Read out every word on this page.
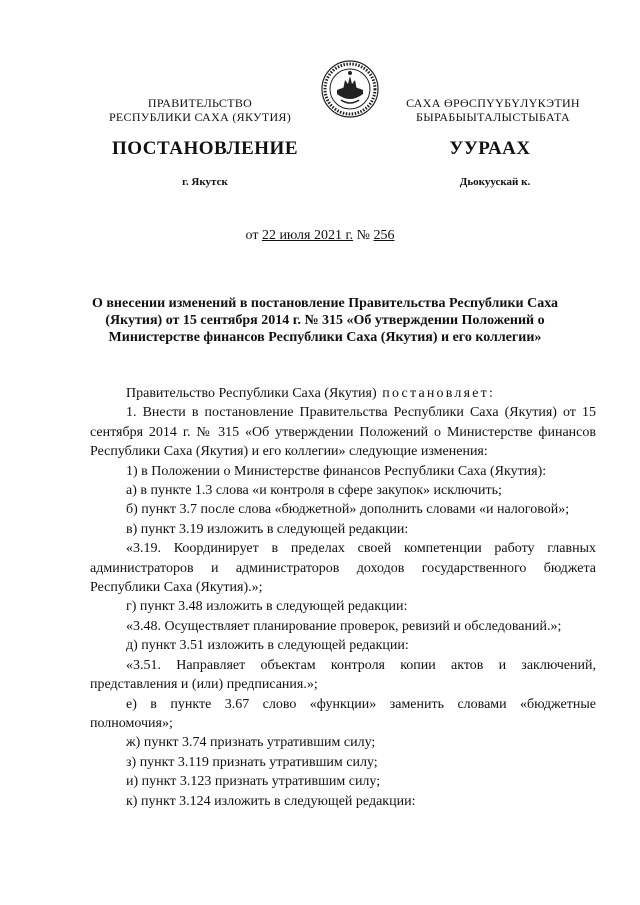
ПРАВИТЕЛЬСТВО
РЕСПУБЛИКИ САХА (ЯКУТИЯ)
САХА ӨРӨСПҮҮБҮЛҮКЭТИН
БЫРАБЫЫТАЛЫСТЫБАТА
ПОСТАНОВЛЕНИЕ	УУРААХ
г. Якутск	Дьокуускай к.
от 22 июля 2021 г. № 256
О внесении изменений в постановление Правительства Республики Саха (Якутия) от 15 сентября 2014 г. № 315 «Об утверждении Положений о Министерстве финансов Республики Саха (Якутия) и его коллегии»

Правительство Республики Саха (Якутия) постановляет:

1. Внести в постановление Правительства Республики Саха (Якутия) от 15 сентября 2014 г. № 315 «Об утверждении Положений о Министерстве финансов Республики Саха (Якутия) и его коллегии» следующие изменения:

1) в Положении о Министерстве финансов Республики Саха (Якутия):

а) в пункте 1.3 слова «и контроля в сфере закупок» исключить;

б) пункт 3.7 после слова «бюджетной» дополнить словами «и налоговой»;

в) пункт 3.19 изложить в следующей редакции:

«3.19. Координирует в пределах своей компетенции работу главных администраторов и администраторов доходов государственного бюджета Республики Саха (Якутия).»;

г) пункт 3.48 изложить в следующей редакции:

«3.48. Осуществляет планирование проверок, ревизий и обследований.»;

д) пункт 3.51 изложить в следующей редакции:

«3.51. Направляет объектам контроля копии актов и заключений, представления и (или) предписания.»;

е) в пункте 3.67 слово «функции» заменить словами «бюджетные полномочия»;

ж) пункт 3.74 признать утратившим силу;

з) пункт 3.119 признать утратившим силу;

и) пункт 3.123 признать утратившим силу;

к) пункт 3.124 изложить в следующей редакции:
